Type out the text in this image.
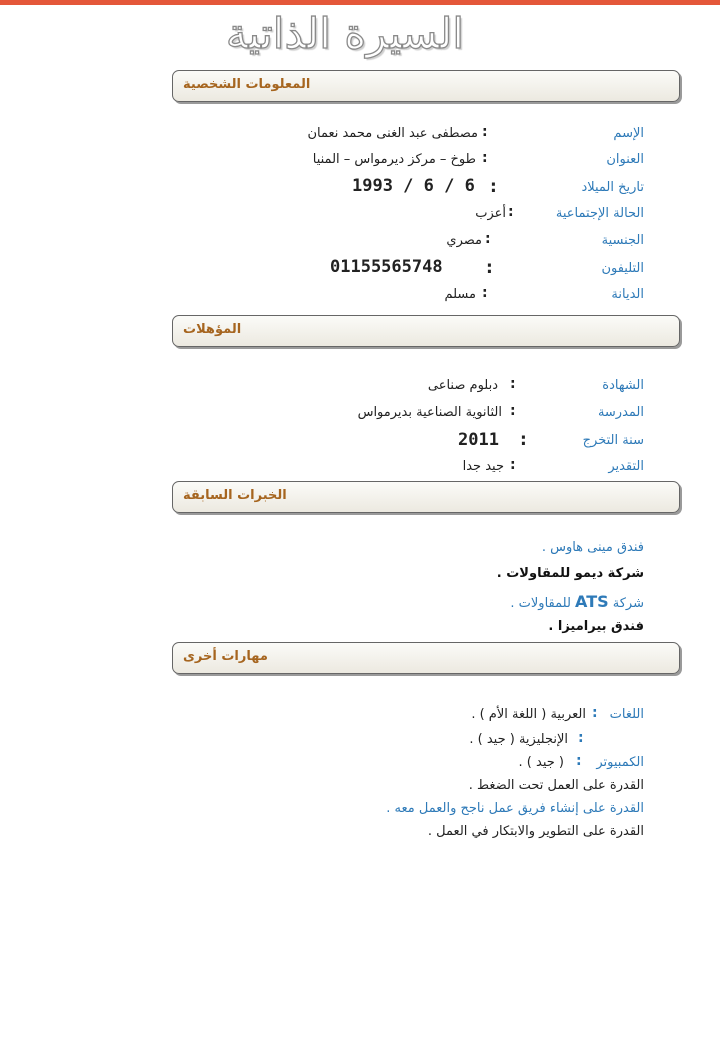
السيرة الذاتية
المعلومات الشخصية
الإسم
:
مصطفى عبد الغنى محمد نعمان
العنوان
:
طوخ – مركز ديرمواس – المنيا
تاريخ الميلاد
:
1993 / 6 / 6
الحالة الإجتماعية
:
أعزب
الجنسية
:
مصري
التليفون
:
01155565748
الديانة
:
مسلم
المؤهلات
الشهادة
:
دبلوم صناعى
المدرسة
:
الثانوية الصناعية بديرمواس
سنة التخرج
:
2011
التقدير
:
جيد جدا
الخبرات السابقة
فندق مينى هاوس .
شركة ديمو للمقاولات .
شركة ATS للمقاولات .
فندق بيراميزا .
مهارات أخرى
اللغات
:
العربية ( اللغة الأم ) .
:
الإنجليزية ( جيد ) .
الكمبيوتر
:
( جيد ) .
القدرة على العمل تحت الضغط .
القدرة على إنشاء فريق عمل ناجح والعمل معه .
القدرة على التطوير والابتكار في العمل .
